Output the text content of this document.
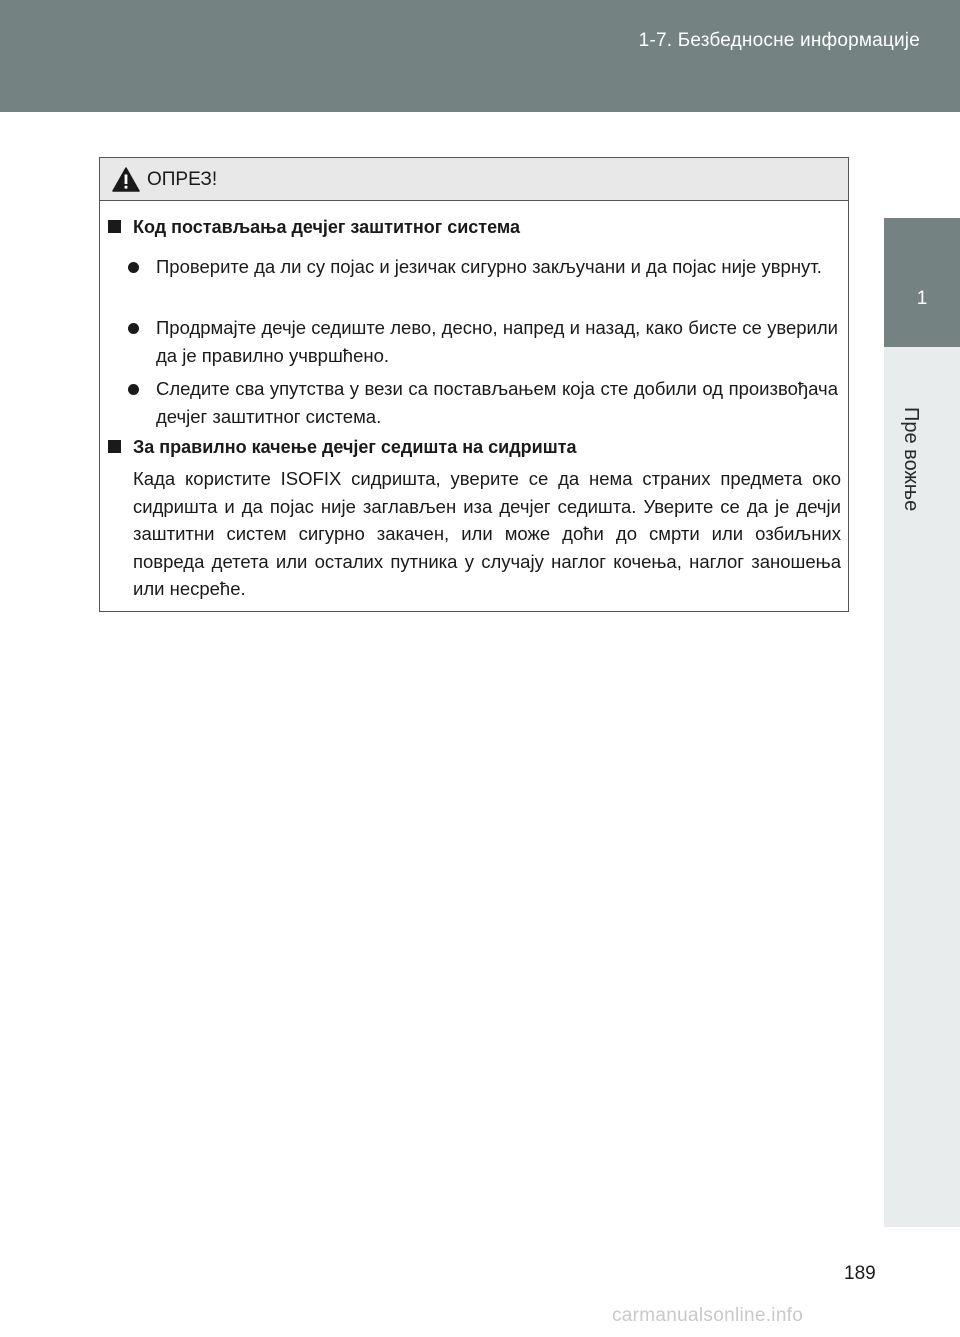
1-7. Безбедносне информације
1
Пре вожње
ОПРЕЗ!
Код постављања дечјег заштитног система
Проверите да ли су појас и језичак сигурно закључани и да појас није уврнут.
Продрмајте дечје седиште лево, десно, напред и назад, како бисте се уверили да је правилно учвршћено.
Следите сва упутства у вези са постављањем која сте добили од произвођача дечјег заштитног система.
За правилно качење дечјег седишта на сидришта
Када користите ISOFIX сидришта, уверите се да нема страних предмета око сидришта и да појас није заглављен иза дечјег седишта. Уверите се да је дечји заштитни систем сигурно закачен, или може доћи до смрти или озбиљних повреда детета или осталих путника у случају наглог кочења, наглог заношења или несреће.
189
carmanualsonline.info
